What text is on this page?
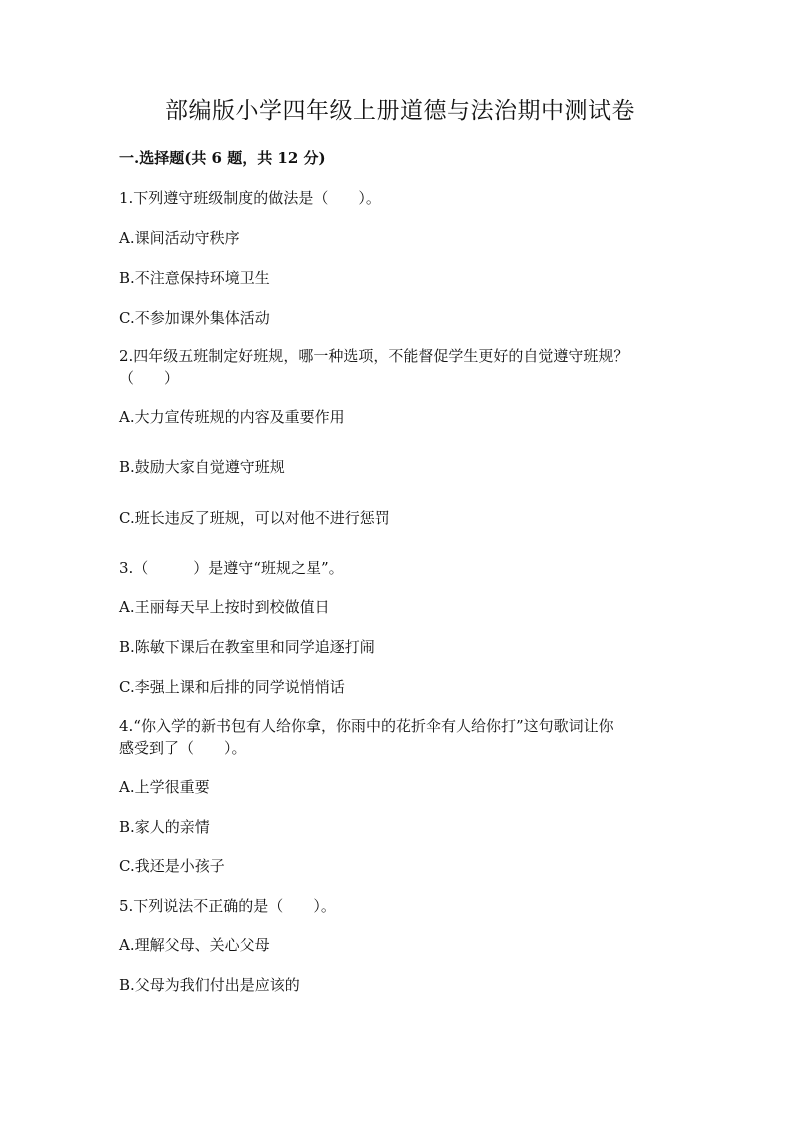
部编版小学四年级上册道德与法治期中测试卷
一.选择题(共 6 题，共 12 分)
1.下列遵守班级制度的做法是（　　）。
A.课间活动守秩序
B.不注意保持环境卫生
C.不参加课外集体活动
2.四年级五班制定好班规，哪一种选项，不能督促学生更好的自觉遵守班规？
（　　）
A.大力宣传班规的内容及重要作用
B.鼓励大家自觉遵守班规
C.班长违反了班规，可以对他不进行惩罚
3.（　　　）是遵守“班规之星”。
A.王丽每天早上按时到校做值日
B.陈敏下课后在教室里和同学追逐打闹
C.李强上课和后排的同学说悄悄话
4.“你入学的新书包有人给你拿，你雨中的花折伞有人给你打”这句歌词让你
感受到了（　　）。
A.上学很重要
B.家人的亲情
C.我还是小孩子
5.下列说法不正确的是（　　）。
A.理解父母、关心父母
B.父母为我们付出是应该的
